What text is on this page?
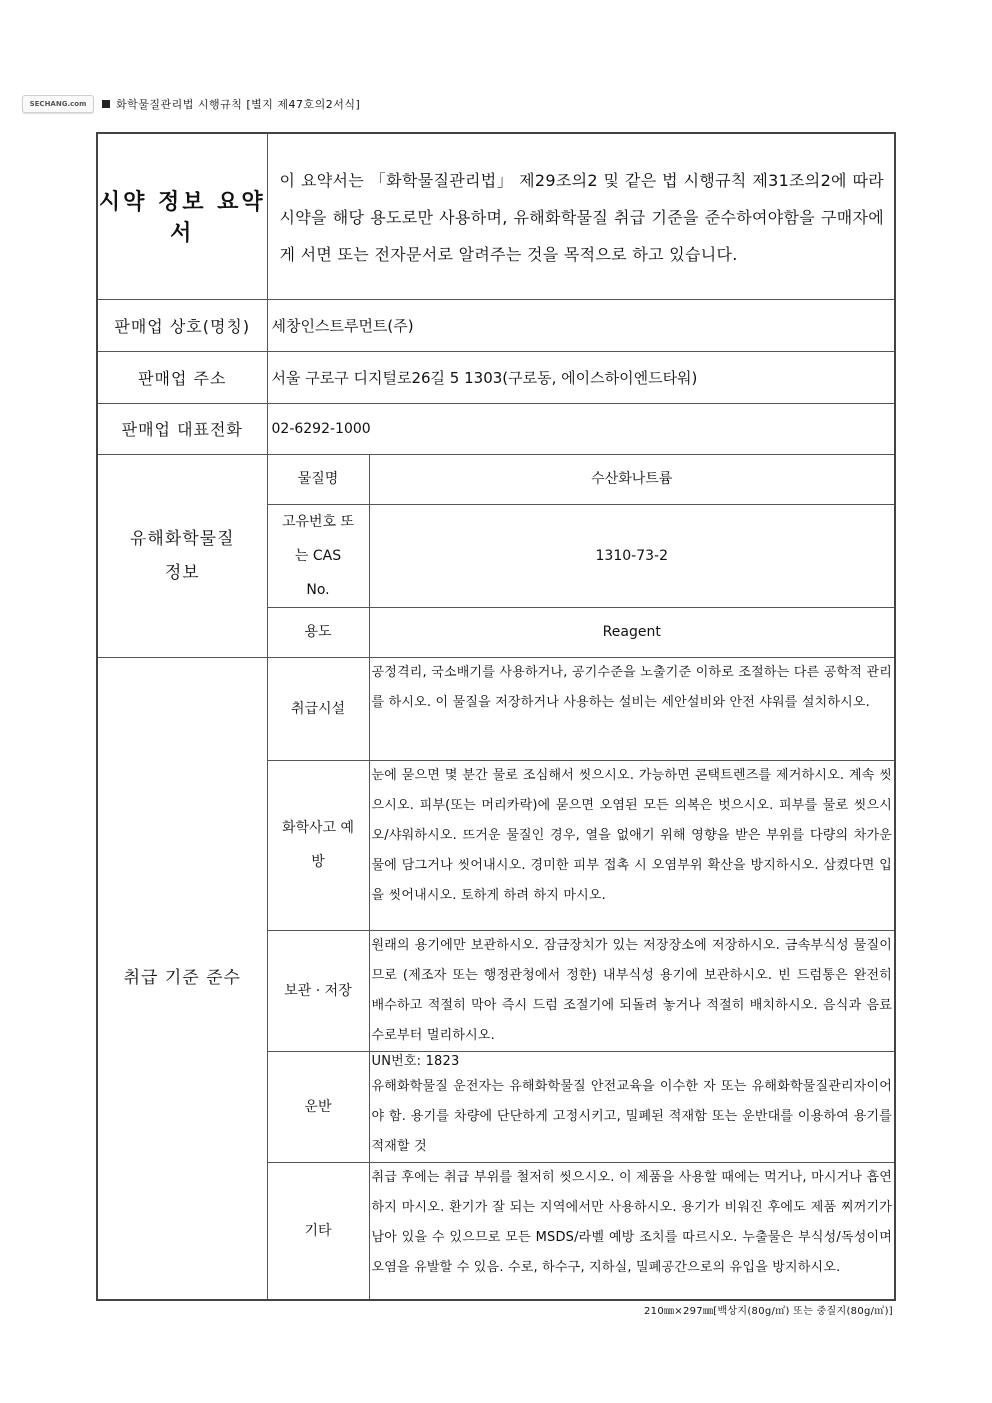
SECHANG.com	화학물질관리법 시행규칙 [별지 제47호의2서식]
시약 정보 요약서	이 요약서는 「화학물질관리법」 제29조의2 및 같은 법 시행규칙 제31조의2에 따라 시약을 해당 용도로만 사용하며, 유해화학물질 취급 기준을 준수하여야함을 구매자에게 서면 또는 전자문서로 알려주는 것을 목적으로 하고 있습니다.	
판매업 상호(명칭)	세창인스트루먼트(주)	
판매업 주소	서울 구로구 디지털로26길 5 1303(구로동, 에이스하이엔드타워)	
판매업 대표전화	02-6292-1000	
유해화학물질 정보	물질명	수산화나트륨
	고유번호 또는 CAS No.	1310-73-2
	용도	Reagent
취급 기준 준수	취급시설	공정격리, 국소배기를 사용하거나, 공기수준을 노출기준 이하로 조절하는 다른 공학적 관리를 하시오. 이 물질을 저장하거나 사용하는 설비는 세안설비와 안전 샤워를 설치하시오.
	화학사고 예방	눈에 묻으면 몇 분간 물로 조심해서 씻으시오. 가능하면 콘택트렌즈를 제거하시오. 계속 씻으시오. 피부(또는 머리카락)에 묻으면 오염된 모든 의복은 벗으시오. 피부를 물로 씻으시오/샤워하시오. 뜨거운 물질인 경우, 열을 없애기 위해 영향을 받은 부위를 다량의 차가운 물에 담그거나 씻어내시오. 경미한 피부 접촉 시 오염부위 확산을 방지하시오. 삼켰다면 입을 씻어내시오. 토하게 하려 하지 마시오.
	보관 · 저장	원래의 용기에만 보관하시오. 잠금장치가 있는 저장장소에 저장하시오. 금속부식성 물질이므로 (제조자 또는 행정관청에서 정한) 내부식성 용기에 보관하시오. 빈 드럼통은 완전히 배수하고 적절히 막아 즉시 드럼 조절기에 되돌려 놓거나 적절히 배치하시오. 음식과 음료수로부터 멀리하시오.
	운반	UN번호: 1823
유해화학물질 운전자는 유해화학물질 안전교육을 이수한 자 또는 유해화학물질관리자이어야 함. 용기를 차량에 단단하게 고정시키고, 밀폐된 적재함 또는 운반대를 이용하여 용기를 적재할 것

	기타	취급 후에는 취급 부위를 철저히 씻으시오. 이 제품을 사용할 때에는 먹거나, 마시거나 흡연하지 마시오. 환기가 잘 되는 지역에서만 사용하시오. 용기가 비워진 후에도 제품 찌꺼기가 남아 있을 수 있으므로 모든 MSDS/라벨 예방 조치를 따르시오. 누출물은 부식성/독성이며 오염을 유발할 수 있음. 수로, 하수구, 지하실, 밀폐공간으로의 유입을 방지하시오.
210㎜×297㎜[백상지(80g/㎡) 또는 중질지(80g/㎡)]
